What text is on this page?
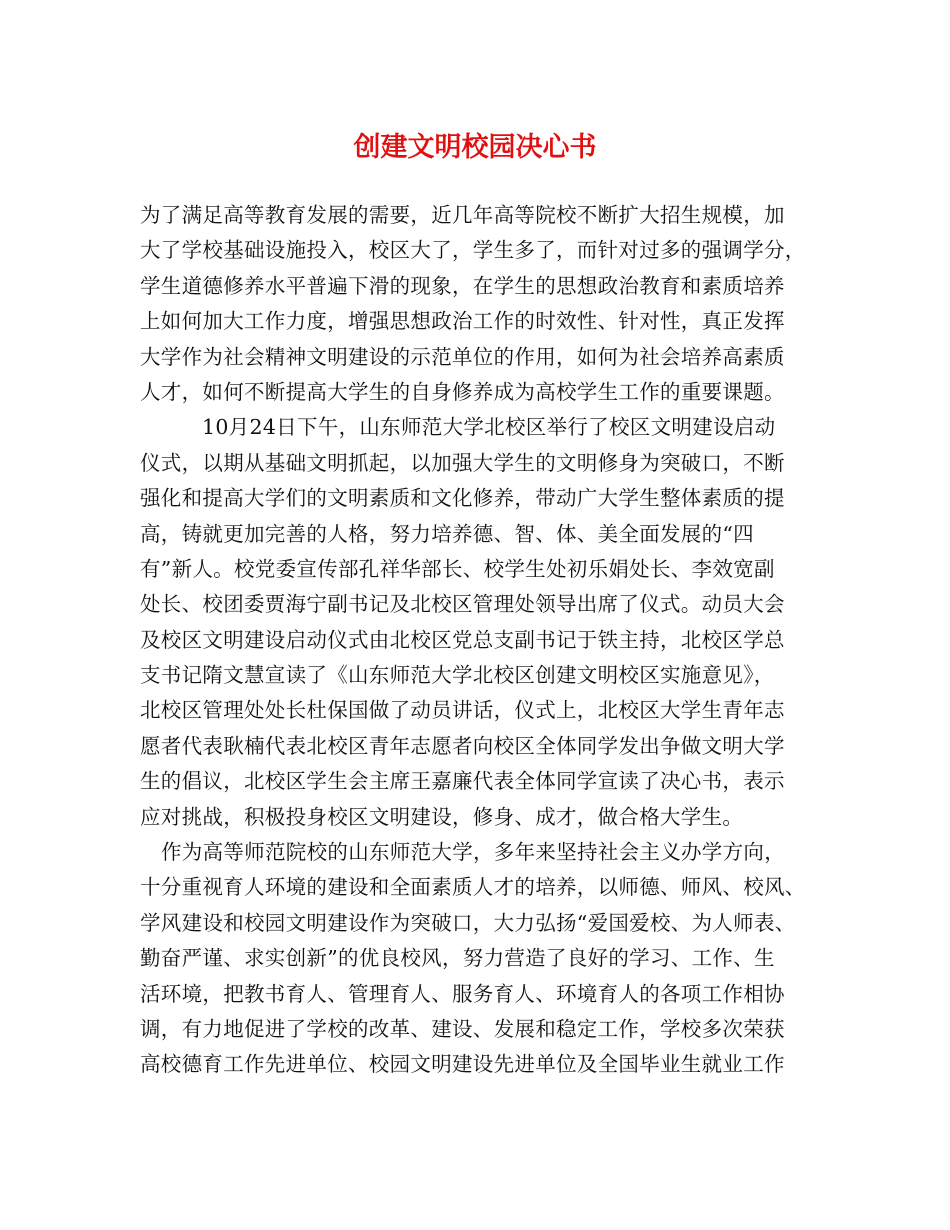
创建文明校园决心书
为了满足高等教育发展的需要，近几年高等院校不断扩大招生规模，加
大了学校基础设施投入，校区大了，学生多了，而针对过多的强调学分，
学生道德修养水平普遍下滑的现象，在学生的思想政治教育和素质培养
上如何加大工作力度，增强思想政治工作的时效性、针对性，真正发挥
大学作为社会精神文明建设的示范单位的作用，如何为社会培养高素质
人才，如何不断提高大学生的自身修养成为高校学生工作的重要课题。
10月24日下午，山东师范大学北校区举行了校区文明建设启动
仪式，以期从基础文明抓起，以加强大学生的文明修身为突破口，不断
强化和提高大学们的文明素质和文化修养，带动广大学生整体素质的提
高，铸就更加完善的人格，努力培养德、智、体、美全面发展的“四
有”新人。校党委宣传部孔祥华部长、校学生处初乐娟处长、李效宽副
处长、校团委贾海宁副书记及北校区管理处领导出席了仪式。动员大会
及校区文明建设启动仪式由北校区党总支副书记于铁主持，北校区学总
支书记隋文慧宣读了《山东师范大学北校区创建文明校区实施意见》，
北校区管理处处长杜保国做了动员讲话，仪式上，北校区大学生青年志
愿者代表耿楠代表北校区青年志愿者向校区全体同学发出争做文明大学
生的倡议，北校区学生会主席王嘉廉代表全体同学宣读了决心书，表示
应对挑战，积极投身校区文明建设，修身、成才，做合格大学生。
作为高等师范院校的山东师范大学，多年来坚持社会主义办学方向，
十分重视育人环境的建设和全面素质人才的培养，以师德、师风、校风、
学风建设和校园文明建设作为突破口，大力弘扬“爱国爱校、为人师表、
勤奋严谨、求实创新”的优良校风，努力营造了良好的学习、工作、生
活环境，把教书育人、管理育人、服务育人、环境育人的各项工作相协
调，有力地促进了学校的改革、建设、发展和稳定工作，学校多次荣获
高校德育工作先进单位、校园文明建设先进单位及全国毕业生就业工作
